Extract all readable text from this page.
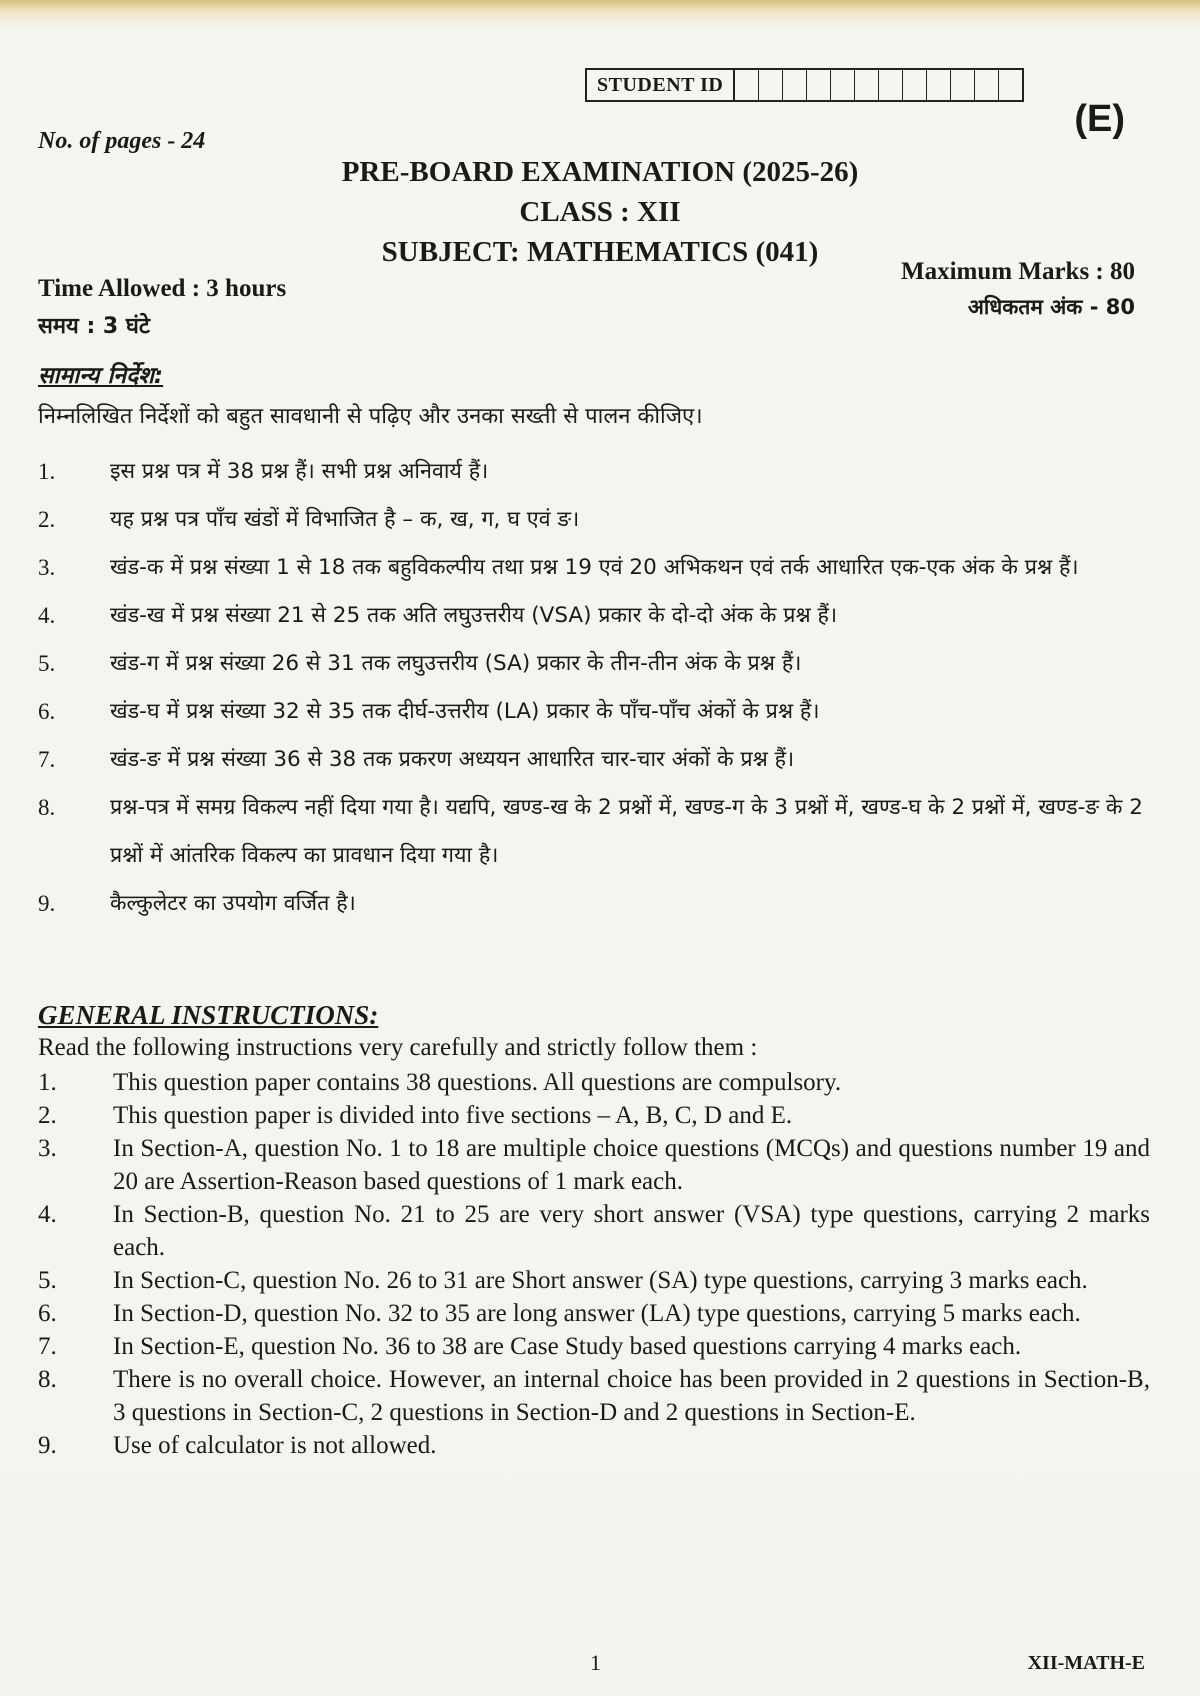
STUDENT ID
(E)
No. of pages - 24
PRE-BOARD EXAMINATION (2025-26)
CLASS : XII
SUBJECT: MATHEMATICS (041)
Time Allowed : 3 hours
समय : 3 घंटे
Maximum Marks : 80
अधिकतम अंक - 80
सामान्य निर्देश:
निम्नलिखित निर्देशों को बहुत सावधानी से पढ़िए और उनका सख्ती से पालन कीजिए।
1.	इस प्रश्न पत्र में 38 प्रश्न हैं। सभी प्रश्न अनिवार्य हैं।
2.	यह प्रश्न पत्र पाँच खंडों में विभाजित है – क, ख, ग, घ एवं ङ।
3.	खंड-क में प्रश्न संख्या 1 से 18 तक बहुविकल्पीय तथा प्रश्न 19 एवं 20 अभिकथन एवं तर्क आधारित एक-एक अंक के प्रश्न हैं।
4.	खंड-ख में प्रश्न संख्या 21 से 25 तक अति लघुउत्तरीय (VSA) प्रकार के दो-दो अंक के प्रश्न हैं।
5.	खंड-ग में प्रश्न संख्या 26 से 31 तक लघुउत्तरीय (SA) प्रकार के तीन-तीन अंक के प्रश्न हैं।
6.	खंड-घ में प्रश्न संख्या 32 से 35 तक दीर्घ-उत्तरीय (LA) प्रकार के पाँच-पाँच अंकों के प्रश्न हैं।
7.	खंड-ङ में प्रश्न संख्या 36 से 38 तक प्रकरण अध्ययन आधारित चार-चार अंकों के प्रश्न हैं।
8.	प्रश्न-पत्र में समग्र विकल्प नहीं दिया गया है। यद्यपि, खण्ड-ख के 2 प्रश्नों में, खण्ड-ग के 3 प्रश्नों में, खण्ड-घ के 2 प्रश्नों में, खण्ड-ङ के 2 प्रश्नों में आंतरिक विकल्प का प्रावधान दिया गया है।
9.	कैल्कुलेटर का उपयोग वर्जित है।
GENERAL INSTRUCTIONS:
Read the following instructions very carefully and strictly follow them :
1.	This question paper contains 38 questions. All questions are compulsory.
2.	This question paper is divided into five sections – A, B, C, D and E.
3.	In Section-A, question No. 1 to 18 are multiple choice questions (MCQs) and questions number 19 and 20 are Assertion-Reason based questions of 1 mark each.
4.	In Section-B, question No. 21 to 25 are very short answer (VSA) type questions, carrying 2 marks each.
5.	In Section-C, question No. 26 to 31 are Short answer (SA) type questions, carrying 3 marks each.
6.	In Section-D, question No. 32 to 35 are long answer (LA) type questions, carrying 5 marks each.
7.	In Section-E, question No. 36 to 38 are Case Study based questions carrying 4 marks each.
8.	There is no overall choice. However, an internal choice has been provided in 2 questions in Section-B, 3 questions in Section-C, 2 questions in Section-D and 2 questions in Section-E.
9.	Use of calculator is not allowed.
1	XII-MATH-E
